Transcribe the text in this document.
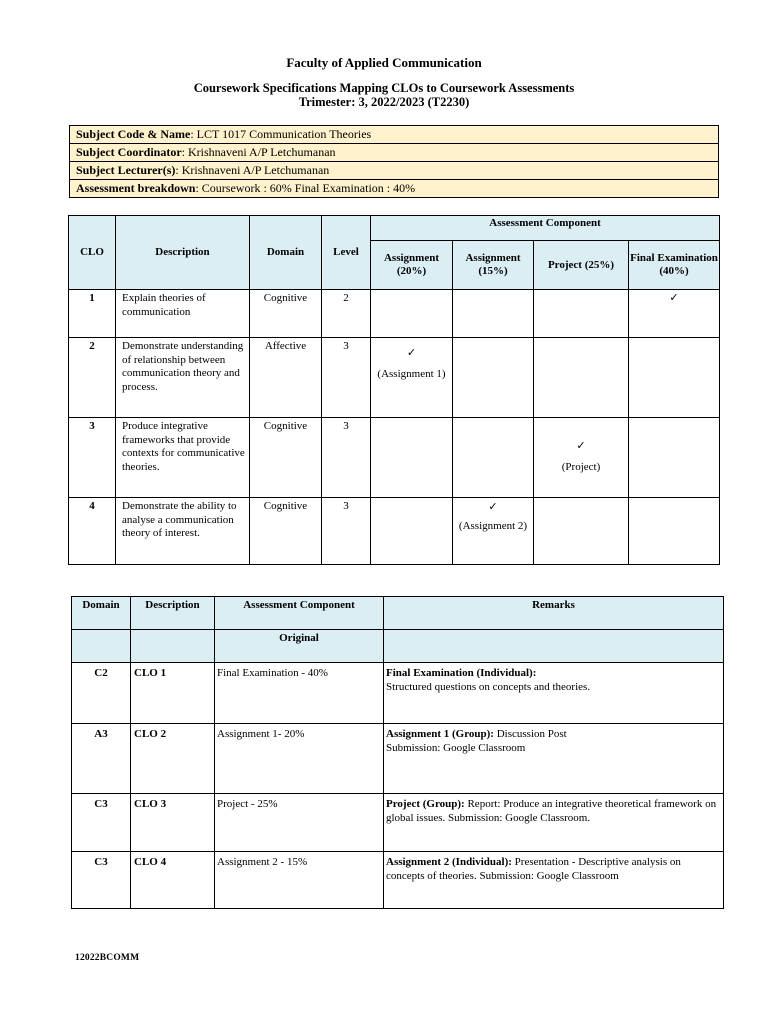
Faculty of Applied Communication
Coursework Specifications Mapping CLOs to Coursework Assessments
Trimester: 3, 2022/2023 (T2230)
Subject Code & Name: LCT 1017 Communication Theories
Subject Coordinator: Krishnaveni A/P Letchumanan
Subject Lecturer(s): Krishnaveni A/P Letchumanan
Assessment breakdown: Coursework : 60% Final Examination : 40%
CLO	Description	Domain	Level	Assessment Component			
				Assignment (20%)	Assignment (15%)	Project (25%)	Final Examination (40%)
1	Explain theories of communication	Cognitive	2				✓

2	Demonstrate understanding of relationship between communication theory and process.	Affective	3	✓
(Assignment 1)			

3	Produce integrative frameworks that provide contexts for communicative theories.	Cognitive	3			✓
(Project)	

4	Demonstrate the ability to analyse a communication theory of interest.	Cognitive	3		✓
(Assignment 2)		

Domain	Description	Assessment Component	Remarks
		Original	
C2	CLO 1	Final Examination - 40%	Final Examination (Individual):
Structured questions on concepts and theories.
A3	CLO 2	Assignment 1- 20%	Assignment 1 (Group): Discussion Post
Submission: Google Classroom
C3	CLO 3	Project - 25%	Project (Group): Report: Produce an integrative theoretical framework on global issues. Submission: Google Classroom.
C3	CLO 4	Assignment 2 - 15%	Assignment 2 (Individual): Presentation - Descriptive analysis on concepts of theories. Submission: Google Classroom
12022BCOMM
